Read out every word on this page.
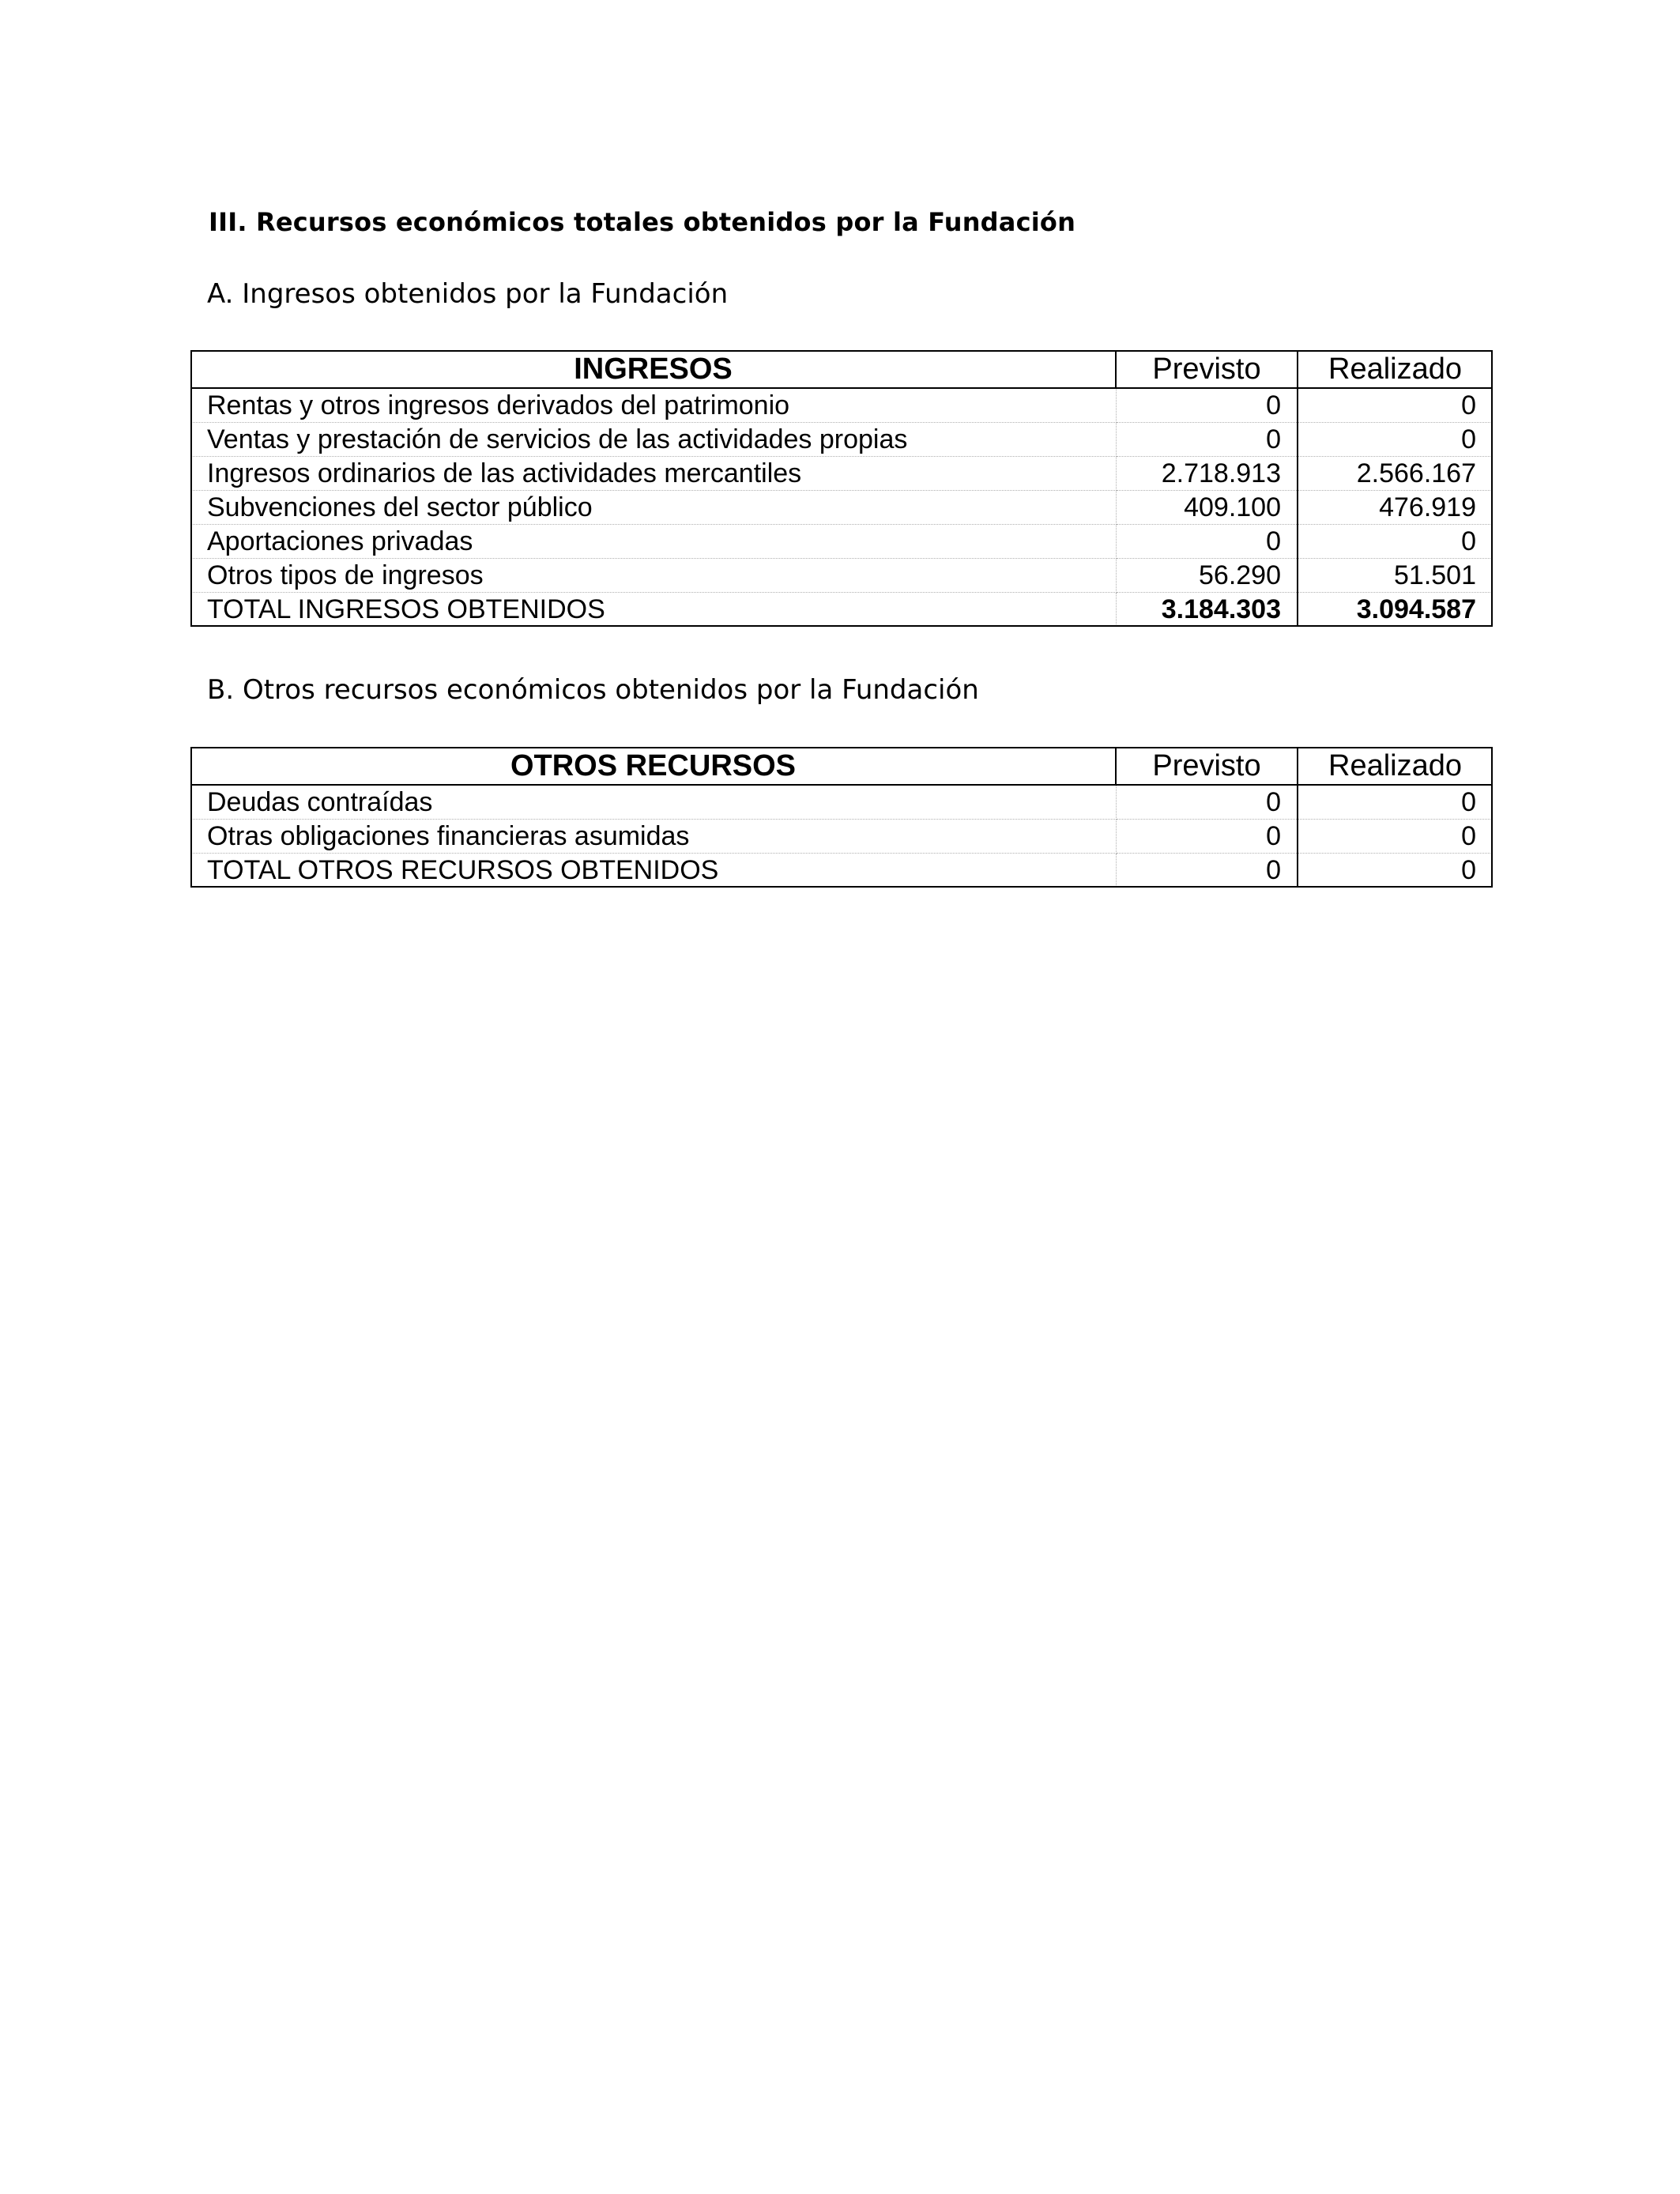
III. Recursos económicos totales obtenidos por la Fundación
A. Ingresos obtenidos por la Fundación
INGRESOS	Previsto	Realizado
Rentas y otros ingresos derivados del patrimonio	0	0
Ventas y prestación de servicios de las actividades propias	0	0
Ingresos ordinarios de las actividades mercantiles	2.718.913	2.566.167
Subvenciones del sector público	409.100	476.919
Aportaciones privadas	0	0
Otros tipos de ingresos	56.290	51.501
TOTAL INGRESOS OBTENIDOS	3.184.303	3.094.587
B. Otros recursos económicos obtenidos por la Fundación
OTROS RECURSOS	Previsto	Realizado
Deudas contraídas	0	0
Otras obligaciones financieras asumidas	0	0
TOTAL OTROS RECURSOS OBTENIDOS	0	0
